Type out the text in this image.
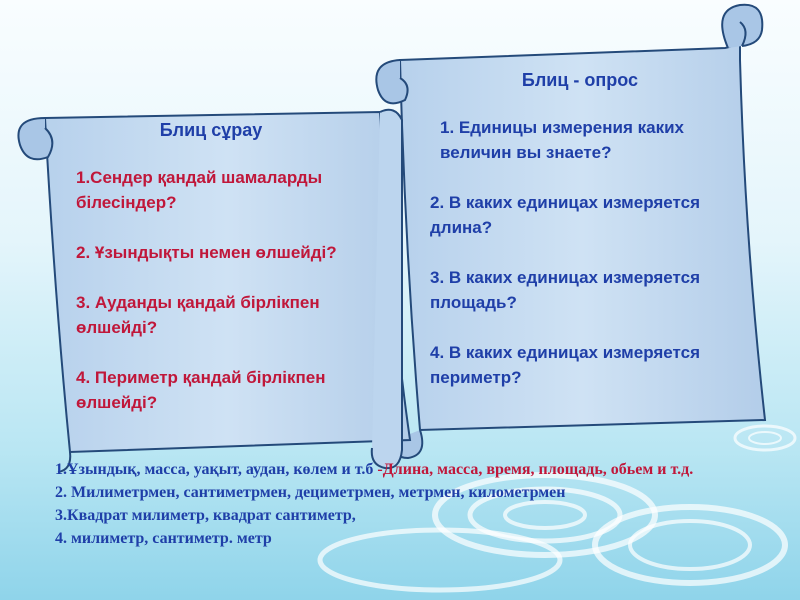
Блиц сұрау
1.Сендер қандай шамаларды білесіндер?
2. Ұзындықты немен өлшейді?
3. Ауданды қандай бірлікпен өлшейді?
4. Периметр қандай бірлікпен өлшейді?
Блиц - опрос
1. Единицы измерения каких величин вы знаете?
2. В каких единицах измеряется длина?
3. В каких единицах измеряется площадь?
4. В каких единицах измеряется периметр?
1.Ұзындық, масса, уақыт, аудан, көлем и т.б -Длина, масса, время, площадь, обьем и т.д.
2. Милиметрмен, сантиметрмен, дециметрмен, метрмен, километрмен
3.Квадрат милиметр, квадрат сантиметр,
4. милиметр, сантиметр. метр
